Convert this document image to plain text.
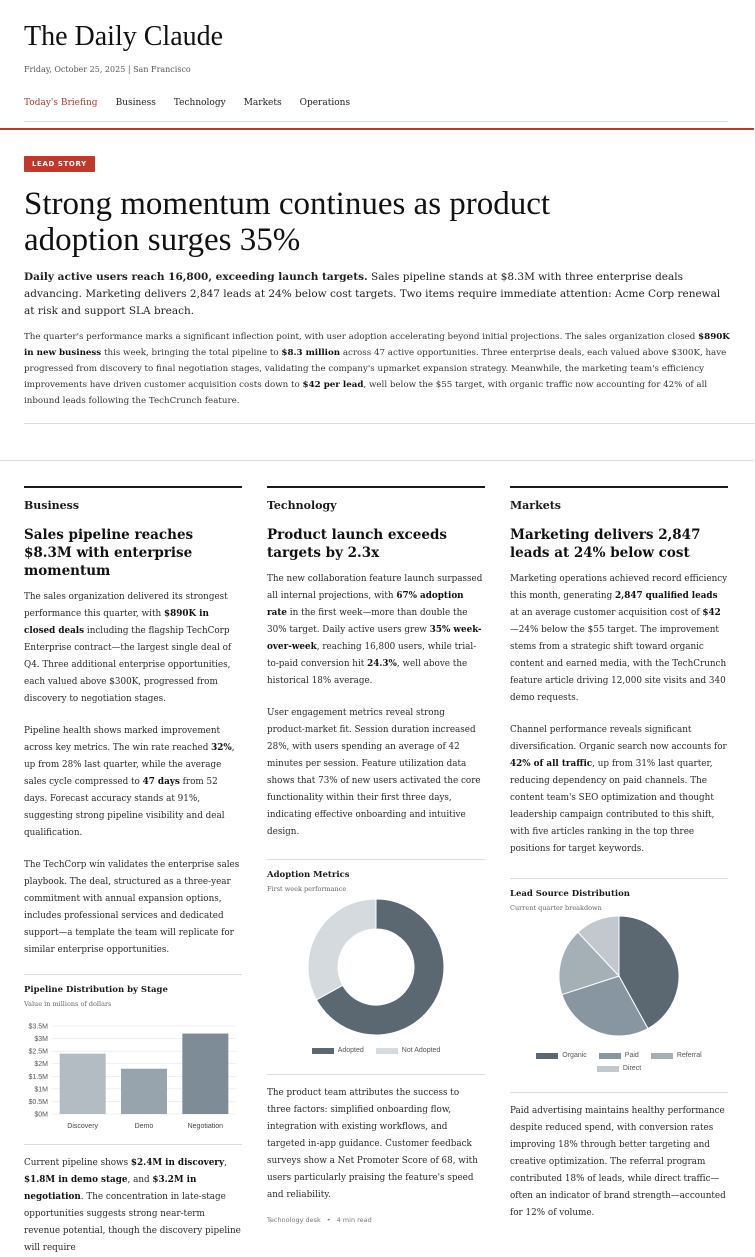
The Daily Claude
Friday, October 25, 2025 | San Francisco
Today's Briefing Business Technology Markets Operations
LEAD STORY
Strong momentum continues as product adoption surges 35%

Daily active users reach 16,800, exceeding launch targets. Sales pipeline stands at $8.3M with three enterprise deals advancing. Marketing delivers 2,847 leads at 24% below cost targets. Two items require immediate attention: Acme Corp renewal at risk and support SLA breach.

The quarter's performance marks a significant inflection point, with user adoption accelerating beyond initial projections. The sales organization closed $890K in new business this week, bringing the total pipeline to $8.3 million across 47 active opportunities. Three enterprise deals, each valued above $300K, have progressed from discovery to final negotiation stages, validating the company's upmarket expansion strategy. Meanwhile, the marketing team's efficiency improvements have driven customer acquisition costs down to $42 per lead, well below the $55 target, with organic traffic now accounting for 42% of all inbound leads following the TechCrunch feature.

Business
Sales pipeline reaches $8.3M with enterprise momentum

The sales organization delivered its strongest performance this quarter, with $890K in closed deals including the flagship TechCorp Enterprise contract—the largest single deal of Q4. Three additional enterprise opportunities, each valued above $300K, progressed from discovery to negotiation stages.

Pipeline health shows marked improvement across key metrics. The win rate reached 32%, up from 28% last quarter, while the average sales cycle compressed to 47 days from 52 days. Forecast accuracy stands at 91%, suggesting strong pipeline visibility and deal qualification.

The TechCorp win validates the enterprise sales playbook. The deal, structured as a three-year commitment with annual expansion options, includes professional services and dedicated support—a template the team will replicate for similar enterprise opportunities.

Pipeline Distribution by Stage
Value in millions of dollars
$0M
$0.5M
$1M
$1.5M
$2M
$2.5M
$3M
$3.5M
Discovery	Demo	Negotiation

Current pipeline shows $2.4M in discovery, $1.8M in demo stage, and $3.2M in negotiation. The concentration in late-stage opportunities suggests strong near-term revenue potential, though the discovery pipeline will require

Technology
Product launch exceeds targets by 2.3x

The new collaboration feature launch surpassed all internal projections, with 67% adoption rate in the first week—more than double the 30% target. Daily active users grew 35% week-over-week, reaching 16,800 users, while trial-to-paid conversion hit 24.3%, well above the historical 18% average.

User engagement metrics reveal strong product-market fit. Session duration increased 28%, with users spending an average of 42 minutes per session. Feature utilization data shows that 73% of new users activated the core functionality within their first three days, indicating effective onboarding and intuitive design.

Adoption Metrics
First week performance
Adopted	Not Adopted

The product team attributes the success to three factors: simplified onboarding flow, integration with existing workflows, and targeted in-app guidance. Customer feedback surveys show a Net Promoter Score of 68, with users particularly praising the feature's speed and reliability.

Technology desk • 4 min read
Markets
Marketing delivers 2,847 leads at 24% below cost

Marketing operations achieved record efficiency this month, generating 2,847 qualified leads at an average customer acquisition cost of $42—24% below the $55 target. The improvement stems from a strategic shift toward organic content and earned media, with the TechCrunch feature article driving 12,000 site visits and 340 demo requests.

Channel performance reveals significant diversification. Organic search now accounts for 42% of all traffic, up from 31% last quarter, reducing dependency on paid channels. The content team's SEO optimization and thought leadership campaign contributed to this shift, with five articles ranking in the top three positions for target keywords.

Lead Source Distribution
Current quarter breakdown
Organic	Paid	Referral
Direct

Paid advertising maintains healthy performance despite reduced spend, with conversion rates improving 18% through better targeting and creative optimization. The referral program contributed 18% of leads, while direct traffic—often an indicator of brand strength—accounted for 12% of volume.
